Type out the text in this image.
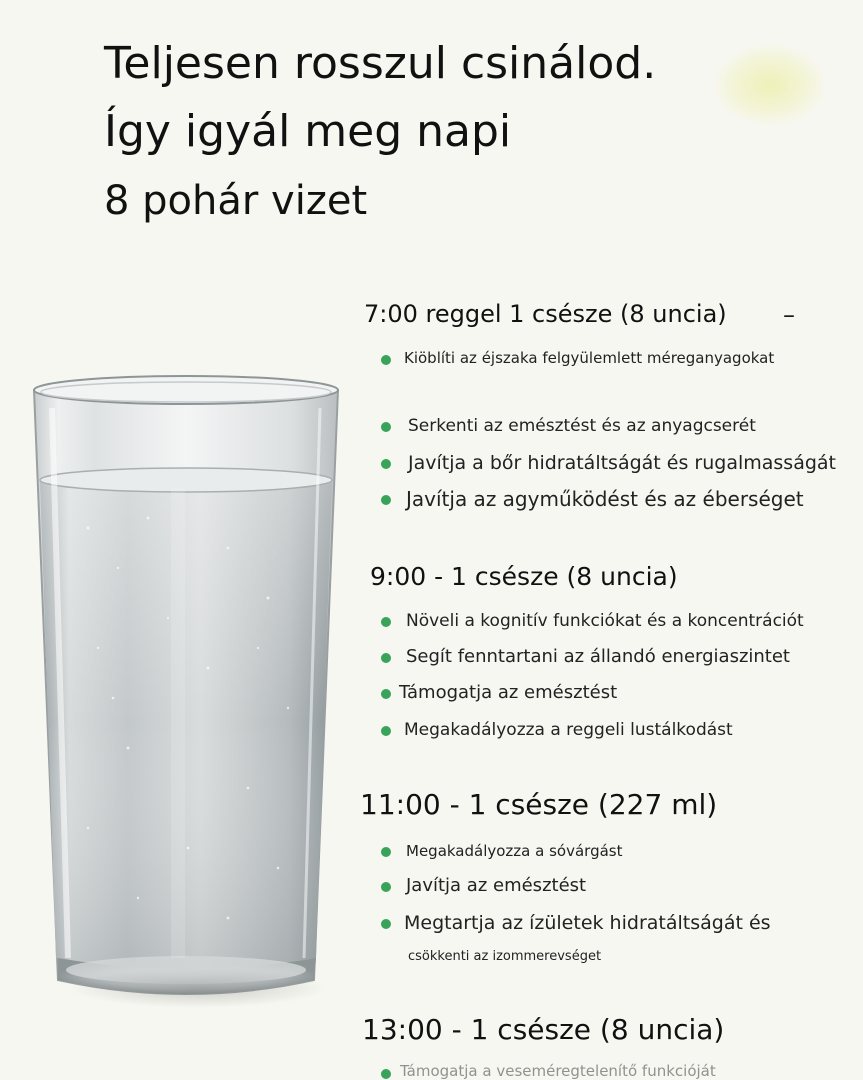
Teljesen rosszul csinálod.
Így igyál meg napi
8 pohár vizet
7:00 reggel 1 csésze (8 uncia) –
Kiöblíti az éjszaka felgyülemlett méreganyagokat
Serkenti az emésztést és az anyagcserét
Javítja a bőr hidratáltságát és rugalmasságát
Javítja az agyműködést és az éberséget
9:00 - 1 csésze (8 uncia)
Növeli a kognitív funkciókat és a koncentrációt
Segít fenntartani az állandó energiaszintet
Támogatja az emésztést
Megakadályozza a reggeli lustálkodást
11:00 - 1 csésze (227 ml)
Megakadályozza a sóvárgást
Javítja az emésztést
Megtartja az ízületek hidratáltságát és
csökkenti az izommerevséget
13:00 - 1 csésze (8 uncia)
Támogatja a veseméregtelenítő funkcióját
